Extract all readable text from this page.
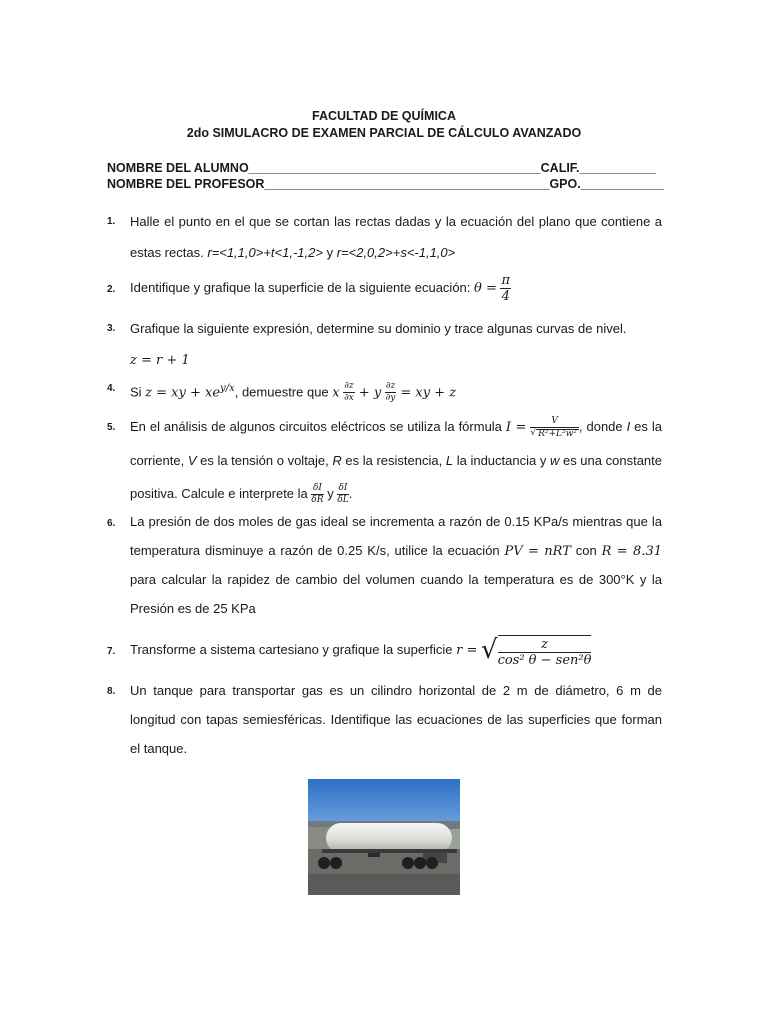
FACULTAD DE QUÍMICA
2do SIMULACRO DE EXAMEN PARCIAL DE CÁLCULO AVANZADO
NOMBRE DEL ALUMNO__________________________________________CALIF.___________
NOMBRE DEL PROFESOR_________________________________________GPO.____________
1. Halle el punto en el que se cortan las rectas dadas y la ecuación del plano que contiene a estas rectas. r=<1,1,0>+t<1,-1,2> y r=<2,0,2>+s<-1,1,0>
2. Identifique y grafique la superficie de la siguiente ecuación: $\theta = \frac{\pi}{4}$
3. Grafique la siguiente expresión, determine su dominio y trace algunas curvas de nivel.
z = r + 1
4. Si z = xy + $xe^{y/x}$, demuestre que x $\frac{\partial z}{\partial x} + y \frac{\partial z}{\partial y}$ = xy + z
5. En el análisis de algunos circuitos eléctricos se utiliza la fórmula $I = \frac{V}{\text{√ R²+L²w²}}$ , donde I es la corriente, V es la tensión o voltaje, R es la resistencia, L la inductancia y w es una constante positiva. Calcule e interprete la $\frac{\delta I}{\delta R}$ y $\frac{\delta I}{\delta L}$ .
6. La presión de dos moles de gas ideal se incrementa a razón de 0.15 KPa/s mientras que la temperatura disminuye a razón de 0.25 K/s, utilice la ecuación PV = nRT con R = 8.31 para calcular la rapidez de cambio del volumen cuando la temperatura es de 300°K y la Presión es de 25 KPa
7. Transforme a sistema cartesiano y grafique la superficie r = √ $\frac{z}{\text{cos² θ − sen²θ}}$
8. Un tanque para transportar gas es un cilindro horizontal de 2 m de diámetro, 6 m de longitud con tapas semiesféricas. Identifique las ecuaciones de las superficies que forman el tanque.
